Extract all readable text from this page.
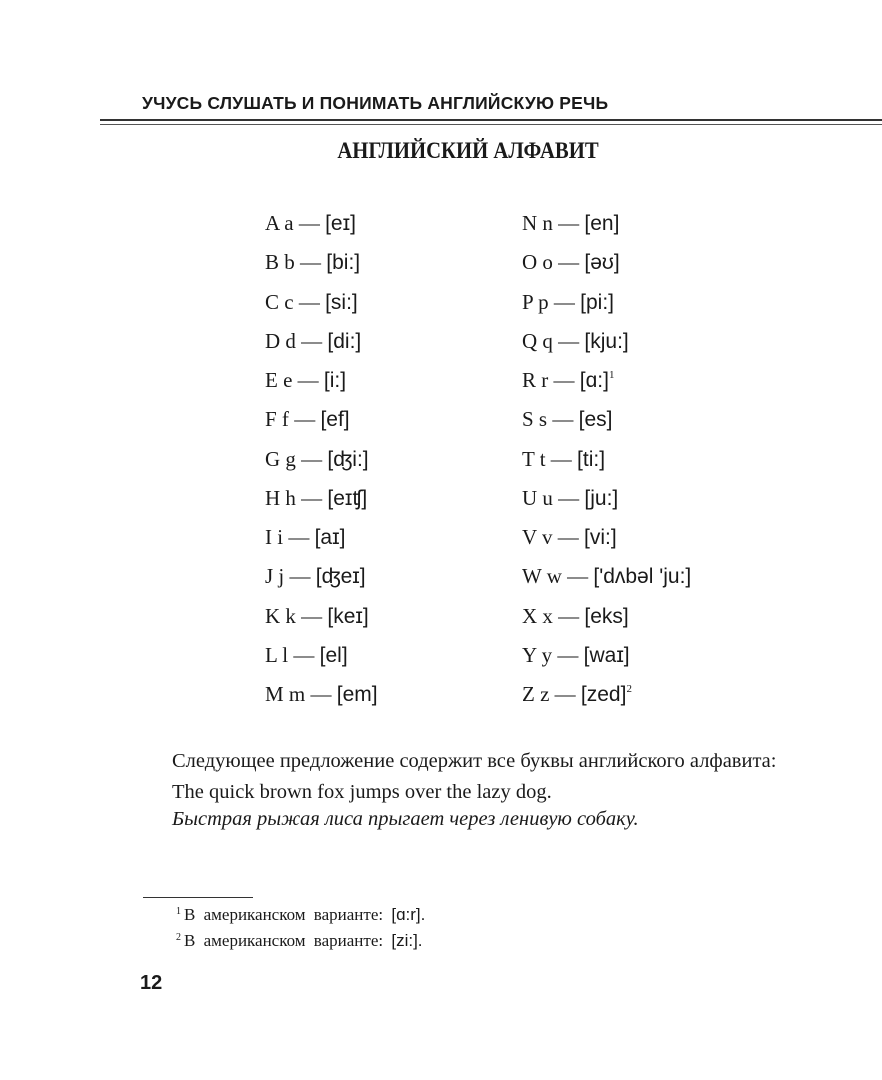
УЧУСЬ СЛУШАТЬ И ПОНИМАТЬ АНГЛИЙСКУЮ РЕЧЬ
АНГЛИЙСКИЙ АЛФАВИТ
A a — [eɪ]
B b — [bi:]
C c — [si:]
D d — [di:]
E e — [i:]
F f — [ef]
G g — [ʤi:]
H h — [eɪʧ]
I i — [aɪ]
J j — [ʤeɪ]
K k — [keɪ]
L l — [el]
M m — [em]
N n — [en]
O o — [əʊ]
P p — [pi:]
Q q — [kju:]
R r — [ɑ:]$^1$
S s — [es]
T t — [ti:]
U u — [ju:]
V v — [vi:]
W w — ['dʌbəl 'ju:]
X x — [eks]
Y y — [waɪ]
Z z — [zed]$^2$
Следующее предложение содержит все буквы английского алфавита:
The quick brown fox jumps over the lazy dog.
Быстрая рыжая лиса прыгает через ленивую собаку.
$^1$ В американском варианте: [ɑ:r].
$^2$ В американском варианте: [zi:].
12
